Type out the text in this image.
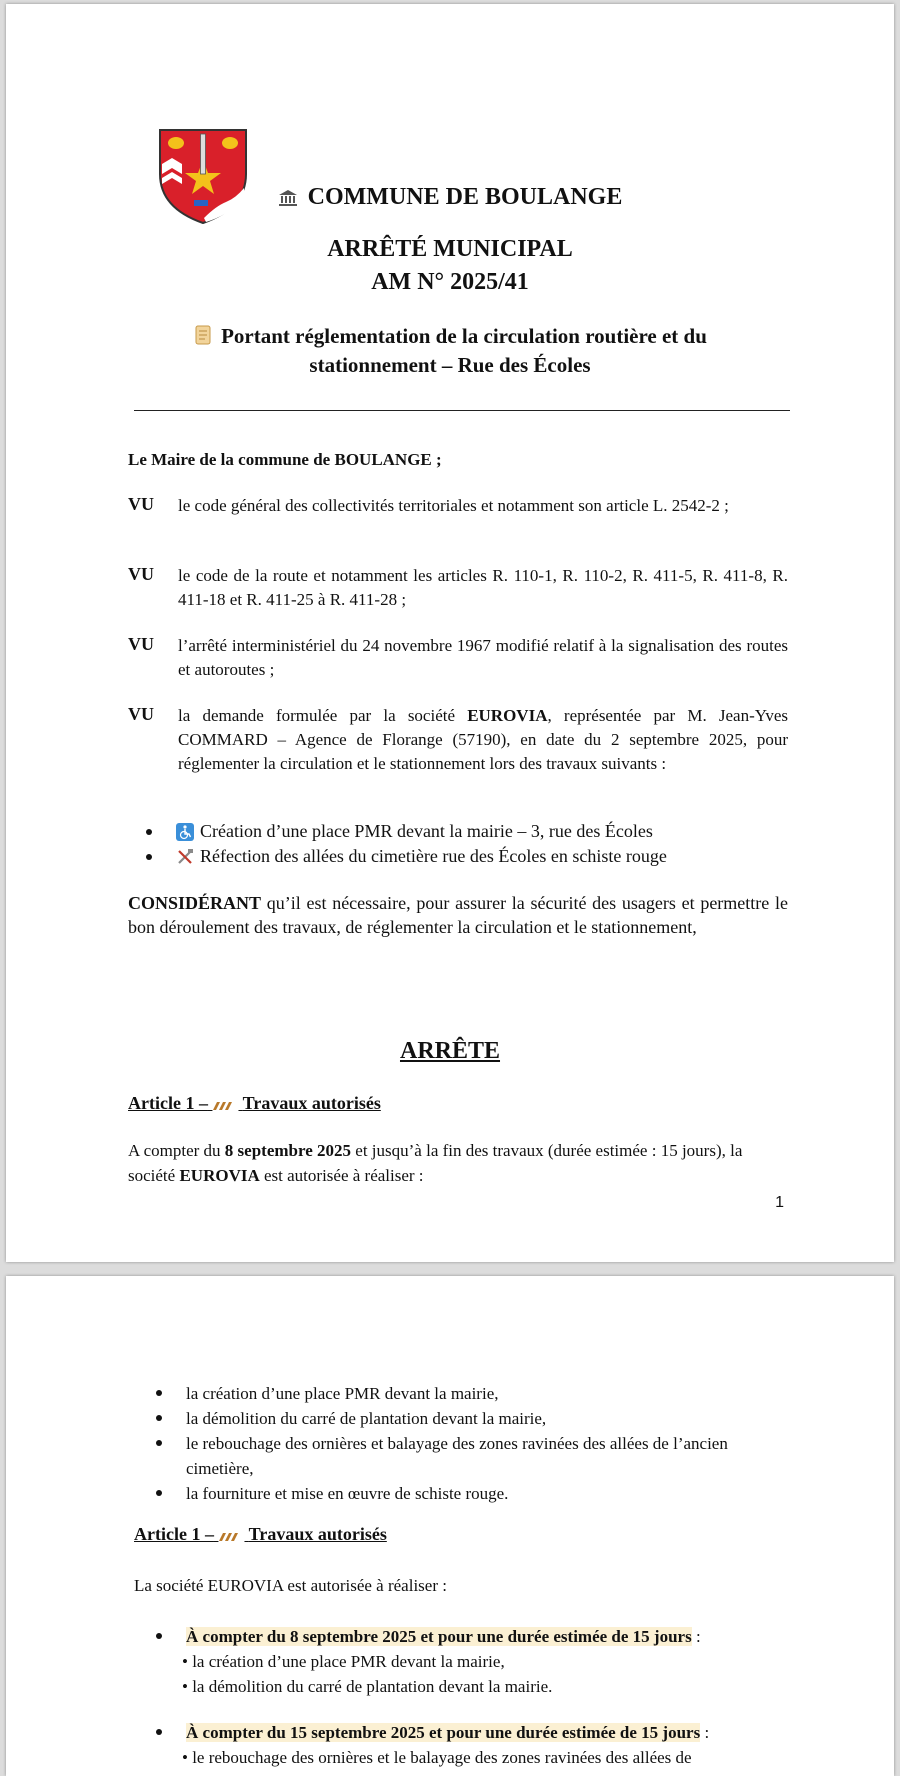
COMMUNE DE BOULANGE
ARRÊTÉ MUNICIPAL
AM N° 2025/41
Portant réglementation de la circulation routière et du
stationnement – Rue des Écoles
Le Maire de la commune de BOULANGE ;
VU le code général des collectivités territoriales et notamment son article L. 2542-2 ;
VU le code de la route et notamment les articles R. 110-1, R. 110-2, R. 411-5, R. 411-8, R. 411-18 et R. 411-25 à R. 411-28 ;
VU l’arrêté interministériel du 24 novembre 1967 modifié relatif à la signalisation des routes et autoroutes ;
VU la demande formulée par la société EUROVIA, représentée par M. Jean-Yves COMMARD – Agence de Florange (57190), en date du 2 septembre 2025, pour réglementer la circulation et le stationnement lors des travaux suivants :
Création d’une place PMR devant la mairie – 3, rue des Écoles
Réfection des allées du cimetière rue des Écoles en schiste rouge
CONSIDÉRANT qu’il est nécessaire, pour assurer la sécurité des usagers et permettre le bon déroulement des travaux, de réglementer la circulation et le stationnement,
ARRÊTE
Article 1 – Travaux autorisés
A compter du 8 septembre 2025 et jusqu’à la fin des travaux (durée estimée : 15 jours), la société EUROVIA est autorisée à réaliser :
1
la création d’une place PMR devant la mairie,
la démolition du carré de plantation devant la mairie,
le rebouchage des ornières et balayage des zones ravinées des allées de l’ancien cimetière,
la fourniture et mise en œuvre de schiste rouge.
Article 1 – Travaux autorisés
La société EUROVIA est autorisée à réaliser :
À compter du 8 septembre 2025 et pour une durée estimée de 15 jours :
• la création d’une place PMR devant la mairie,
• la démolition du carré de plantation devant la mairie.
À compter du 15 septembre 2025 et pour une durée estimée de 15 jours :
• le rebouchage des ornières et le balayage des zones ravinées des allées de
